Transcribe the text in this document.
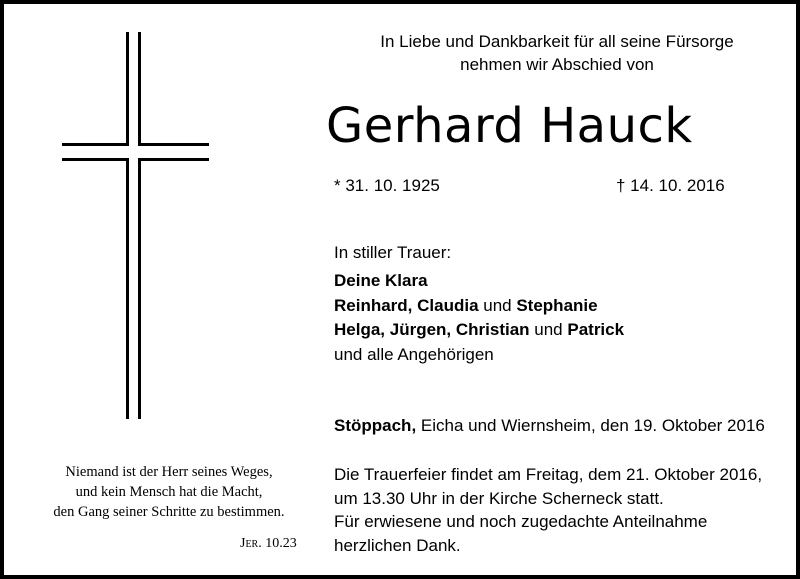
In Liebe und Dankbarkeit für all seine Fürsorge
nehmen wir Abschied von
Gerhard Hauck
* 31. 10. 1925	† 14. 10. 2016
In stiller Trauer:
Deine Klara
Reinhard, Claudia und Stephanie
Helga, Jürgen, Christian und Patrick
und alle Angehörigen
Stöppach, Eicha und Wiernsheim, den 19. Oktober 2016
Die Trauerfeier findet am Freitag, dem 21. Oktober 2016,
um 13.30 Uhr in der Kirche Scherneck statt.
Für erwiesene und noch zugedachte Anteilnahme
herzlichen Dank.
Niemand ist der Herr seines Weges,
und kein Mensch hat die Macht,
den Gang seiner Schritte zu bestimmen.
Jer. 10.23
